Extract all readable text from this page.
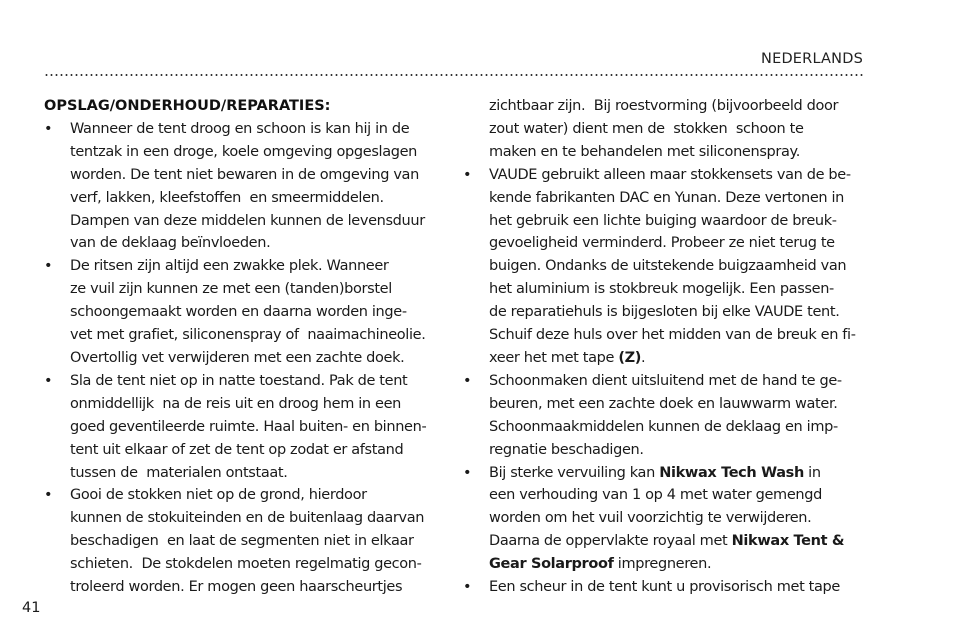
NEDERLANDS
OPSLAG/ONDERHOUD/REPARATIES:
• Wanneer de tent droog en schoon is kan hij in de
tentzak in een droge, koele omgeving opgeslagen
worden. De tent niet bewaren in de omgeving van
verf, lakken, kleefstoffen  en smeermiddelen.
Dampen van deze middelen kunnen de levensduur
van de deklaag beïnvloeden.
• De ritsen zijn altijd een zwakke plek. Wanneer
ze vuil zijn kunnen ze met een (tanden)borstel
schoongemaakt worden en daarna worden inge-
vet met grafiet, siliconenspray of  naaimachineolie.
Overtollig vet verwijderen met een zachte doek.
• Sla de tent niet op in natte toestand. Pak de tent
onmiddellijk  na de reis uit en droog hem in een
goed geventileerde ruimte. Haal buiten- en binnen-
tent uit elkaar of zet de tent op zodat er afstand
tussen de  materialen ontstaat.
• Gooi de stokken niet op de grond, hierdoor
kunnen de stokuiteinden en de buitenlaag daarvan
beschadigen  en laat de segmenten niet in elkaar
schieten.  De stokdelen moeten regelmatig gecon-
troleerd worden. Er mogen geen haarscheurtjes
zichtbaar zijn.  Bij roestvorming (bijvoorbeeld door
zout water) dient men de  stokken  schoon te
maken en te behandelen met siliconenspray.
• VAUDE gebruikt alleen maar stokkensets van de be-
kende fabrikanten DAC en Yunan. Deze vertonen in
het gebruik een lichte buiging waardoor de breuk-
gevoeligheid verminderd. Probeer ze niet terug te
buigen. Ondanks de uitstekende buigzaamheid van
het aluminium is stokbreuk mogelijk. Een passen-
de reparatiehuls is bijgesloten bij elke VAUDE tent.
Schuif deze huls over het midden van de breuk en fi-
xeer het met tape (Z).
• Schoonmaken dient uitsluitend met de hand te ge-
beuren, met een zachte doek en lauwwarm water.
Schoonmaakmiddelen kunnen de deklaag en imp-
regnatie beschadigen.
• Bij sterke vervuiling kan Nikwax Tech Wash in
een verhouding van 1 op 4 met water gemengd
worden om het vuil voorzichtig te verwijderen.
Daarna de oppervlakte royaal met Nikwax Tent &
Gear Solarproof impregneren.
• Een scheur in de tent kunt u provisorisch met tape
41
